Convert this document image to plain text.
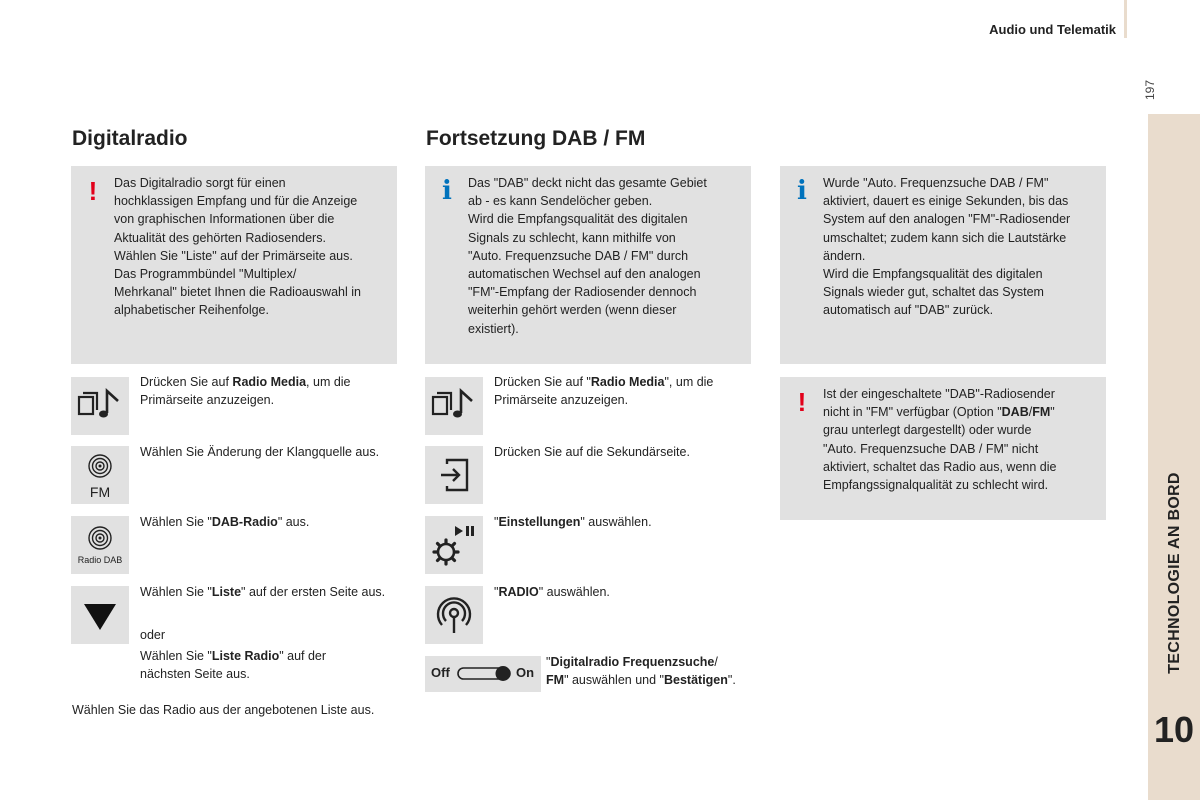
Audio und Telematik
197
TECHNOLOGIE AN BORD
10
Digitalradio
!	Das Digitalradio sorgt für einen
hochklassigen Empfang und für die Anzeige
von graphischen Informationen über die
Aktualität des gehörten Radiosenders.
Wählen Sie "Liste" auf der Primärseite aus.
Das Programmbündel "Multiplex/
Mehrkanal" bietet Ihnen die Radioauswahl in
alphabetischer Reihenfolge.
Drücken Sie auf Radio Media, um die Primärseite anzuzeigen.
FM
Wählen Sie Änderung der Klangquelle aus.
Radio DAB
Wählen Sie "DAB-Radio" aus.
Wählen Sie "Liste" auf der ersten Seite aus.
oder
Wählen Sie "Liste Radio" auf der nächsten Seite aus.
Wählen Sie das Radio aus der angebotenen Liste aus.
Fortsetzung DAB / FM
i	Das "DAB" deckt nicht das gesamte Gebiet
ab - es kann Sendelöcher geben.
Wird die Empfangsqualität des digitalen
Signals zu schlecht, kann mithilfe von
"Auto. Frequenzsuche DAB / FM" durch
automatischen Wechsel auf den analogen
"FM"-Empfang der Radiosender dennoch
weiterhin gehört werden (wenn dieser
existiert).
Drücken Sie auf "Radio Media", um die Primärseite anzuzeigen.
Drücken Sie auf die Sekundärseite.
"Einstellungen" auswählen.
"RADIO" auswählen.
Off	On
"Digitalradio Frequenzsuche/
FM" auswählen und "Bestätigen".
i	Wurde "Auto. Frequenzsuche DAB / FM"
aktiviert, dauert es einige Sekunden, bis das
System auf den analogen "FM"-Radiosender
umschaltet; zudem kann sich die Lautstärke
ändern.
Wird die Empfangsqualität des digitalen
Signals wieder gut, schaltet das System
automatisch auf "DAB" zurück.
!	Ist der eingeschaltete "DAB"-Radiosender
nicht in "FM" verfügbar (Option "DAB/FM"
grau unterlegt dargestellt) oder wurde
"Auto. Frequenzsuche DAB / FM" nicht
aktiviert, schaltet das Radio aus, wenn die
Empfangssignalqualität zu schlecht wird.
